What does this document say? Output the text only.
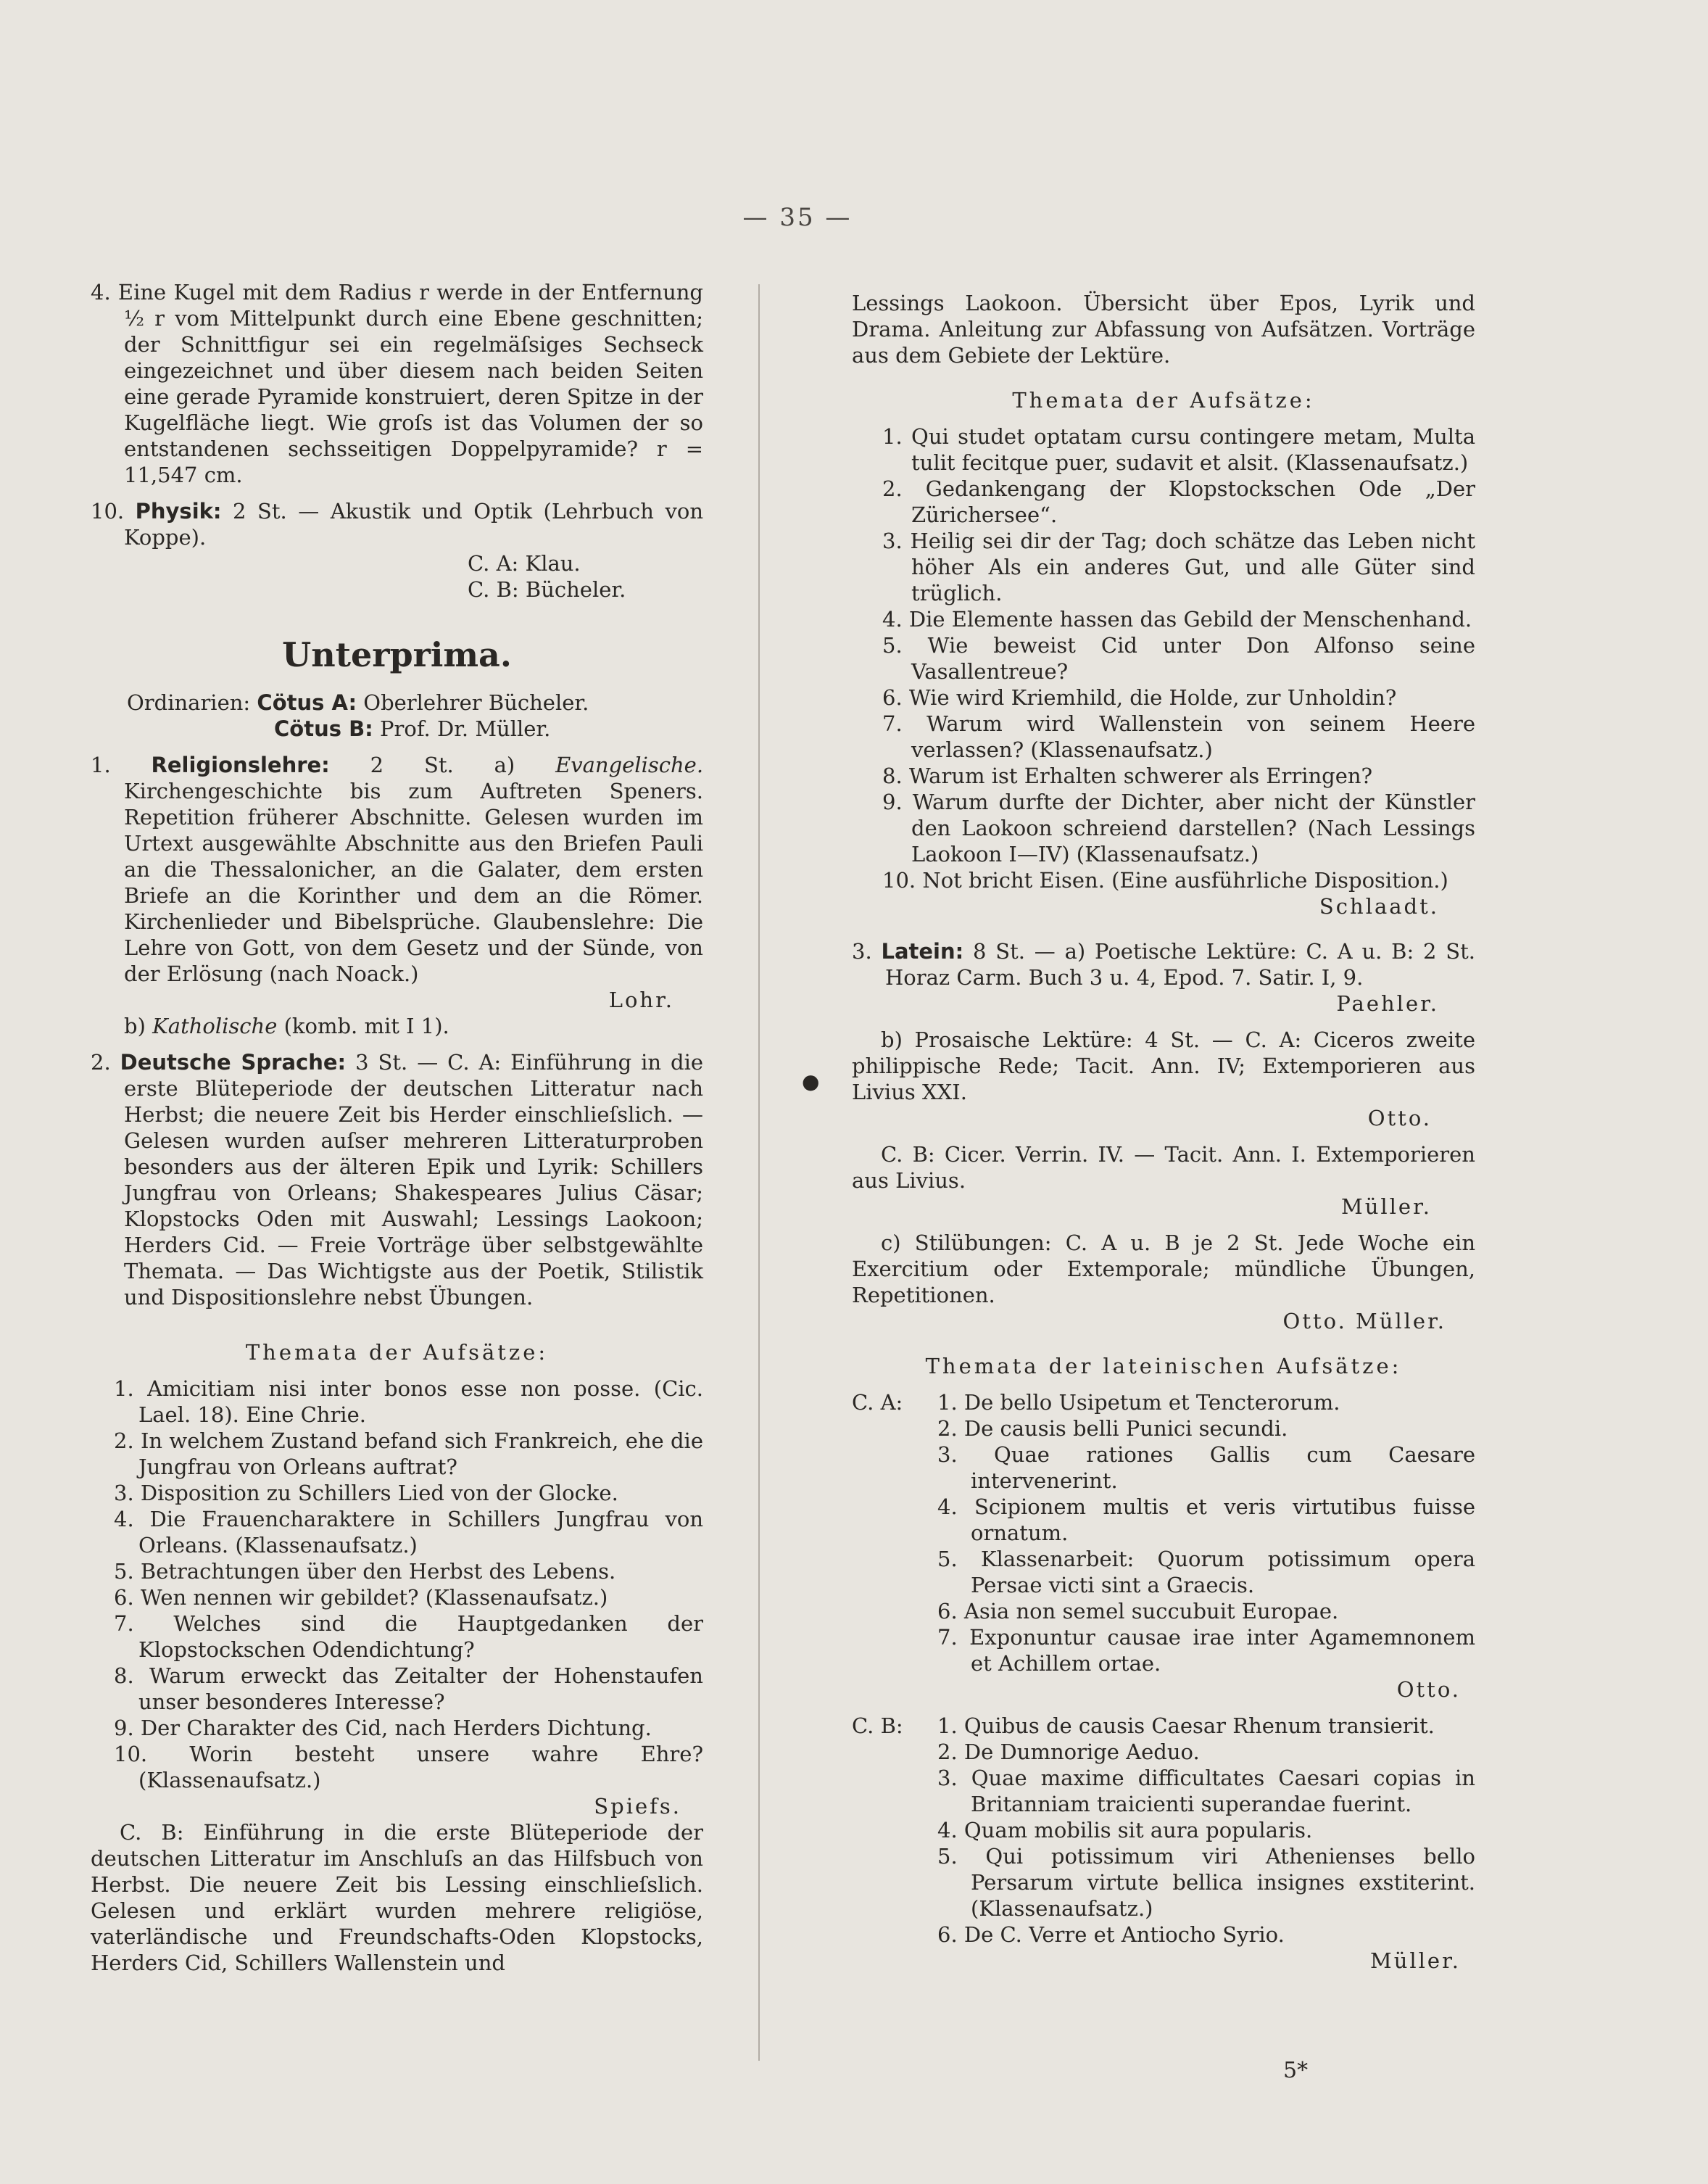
— 35 —
●

4. Eine Kugel mit dem Radius r werde in der Entfernung ½ r vom Mittelpunkt durch eine Ebene geschnitten; der Schnittfigur sei ein regelmäſsiges Sechseck eingezeichnet und über diesem nach beiden Seiten eine gerade Pyramide konstruiert, deren Spitze in der Kugelfläche liegt. Wie groſs ist das Volumen der so entstandenen sechsseitigen Doppelpyramide? r = 11,547 cm.

10. Physik: 2 St. — Akustik und Optik (Lehrbuch von Koppe).

C. A: Klau.

C. B: Bücheler.

Unterprima.

Ordinarien: Cötus A: Oberlehrer Bücheler.

Cötus B: Prof. Dr. Müller.

1. Religionslehre: 2 St. a) Evangelische. Kirchengeschichte bis zum Auftreten Speners. Repetition früherer Abschnitte. Gelesen wurden im Urtext ausgewählte Abschnitte aus den Briefen Pauli an die Thessalonicher, an die Galater, dem ersten Briefe an die Korinther und dem an die Römer. Kirchenlieder und Bibelsprüche. Glaubenslehre: Die Lehre von Gott, von dem Gesetz und der Sünde, von der Erlösung (nach Noack.)

Lohr.

b) Katholische (komb. mit I 1).

2. Deutsche Sprache: 3 St. — C. A: Einführung in die erste Blüteperiode der deutschen Litteratur nach Herbst; die neuere Zeit bis Herder einschlieſslich. — Gelesen wurden auſser mehreren Litteraturproben besonders aus der älteren Epik und Lyrik: Schillers Jungfrau von Orleans; Shakespeares Julius Cäsar; Klopstocks Oden mit Auswahl; Lessings Laokoon; Herders Cid. — Freie Vorträge über selbstgewählte Themata. — Das Wichtigste aus der Poetik, Stilistik und Dispositionslehre nebst Übungen.

Themata der Aufsätze:

1. Amicitiam nisi inter bonos esse non posse. (Cic. Lael. 18). Eine Chrie.

2. In welchem Zustand befand sich Frankreich, ehe die Jungfrau von Orleans auftrat?

3. Disposition zu Schillers Lied von der Glocke.

4. Die Frauencharaktere in Schillers Jungfrau von Orleans. (Klassenaufsatz.)

5. Betrachtungen über den Herbst des Lebens.

6. Wen nennen wir gebildet? (Klassenaufsatz.)

7. Welches sind die Hauptgedanken der Klopstockschen Odendichtung?

8. Warum erweckt das Zeitalter der Hohenstaufen unser besonderes Interesse?

9. Der Charakter des Cid, nach Herders Dichtung.

10. Worin besteht unsere wahre Ehre? (Klassenaufsatz.)

Spiefs.

C. B: Einführung in die erste Blüteperiode der deutschen Litteratur im Anschluſs an das Hilfsbuch von Herbst. Die neuere Zeit bis Lessing einschlieſslich. Gelesen und erklärt wurden mehrere religiöse, vaterländische und Freundschafts-Oden Klopstocks, Herders Cid, Schillers Wallenstein und

Lessings Laokoon. Übersicht über Epos, Lyrik und Drama. Anleitung zur Abfassung von Aufsätzen. Vorträge aus dem Gebiete der Lektüre.

Themata der Aufsätze:

1. Qui studet optatam cursu contingere metam, Multa tulit fecitque puer, sudavit et alsit. (Klassenaufsatz.)

2. Gedankengang der Klopstockschen Ode „Der Zürichersee“.

3. Heilig sei dir der Tag; doch schätze das Leben nicht höher Als ein anderes Gut, und alle Güter sind trüglich.

4. Die Elemente hassen das Gebild der Menschenhand.

5. Wie beweist Cid unter Don Alfonso seine Vasallentreue?

6. Wie wird Kriemhild, die Holde, zur Unholdin?

7. Warum wird Wallenstein von seinem Heere verlassen? (Klassenaufsatz.)

8. Warum ist Erhalten schwerer als Erringen?

9. Warum durfte der Dichter, aber nicht der Künstler den Laokoon schreiend darstellen? (Nach Lessings Laokoon I—IV) (Klassenaufsatz.)

10. Not bricht Eisen. (Eine ausführliche Disposition.)

Schlaadt.

3. Latein: 8 St. — a) Poetische Lektüre: C. A u. B: 2 St. Horaz Carm. Buch 3 u. 4, Epod. 7. Satir. I, 9.

Paehler.

b) Prosaische Lektüre: 4 St. — C. A: Ciceros zweite philippische Rede; Tacit. Ann. IV; Extemporieren aus Livius XXI.

Otto.

C. B: Cicer. Verrin. IV. — Tacit. Ann. I. Extemporieren aus Livius.

Müller.

c) Stilübungen: C. A u. B je 2 St. Jede Woche ein Exercitium oder Extemporale; mündliche Übungen, Repetitionen.

Otto. Müller.

Themata der lateinischen Aufsätze:

C. A:	1. De bello Usipetum et Tencterorum.

2. De causis belli Punici secundi.

3. Quae rationes Gallis cum Caesare intervenerint.

4. Scipionem multis et veris virtutibus fuisse ornatum.

5. Klassenarbeit: Quorum potissimum opera Persae victi sint a Graecis.

6. Asia non semel succubuit Europae.

7. Exponuntur causae irae inter Agamemnonem et Achillem ortae.

Otto.

C. B:	1. Quibus de causis Caesar Rhenum transierit.

2. De Dumnorige Aeduo.

3. Quae maxime difficultates Caesari copias in Britanniam traicienti superandae fuerint.

4. Quam mobilis sit aura popularis.

5. Qui potissimum viri Athenienses bello Persarum virtute bellica insignes exstiterint. (Klassenaufsatz.)

6. De C. Verre et Antiocho Syrio.

Müller.

5*
